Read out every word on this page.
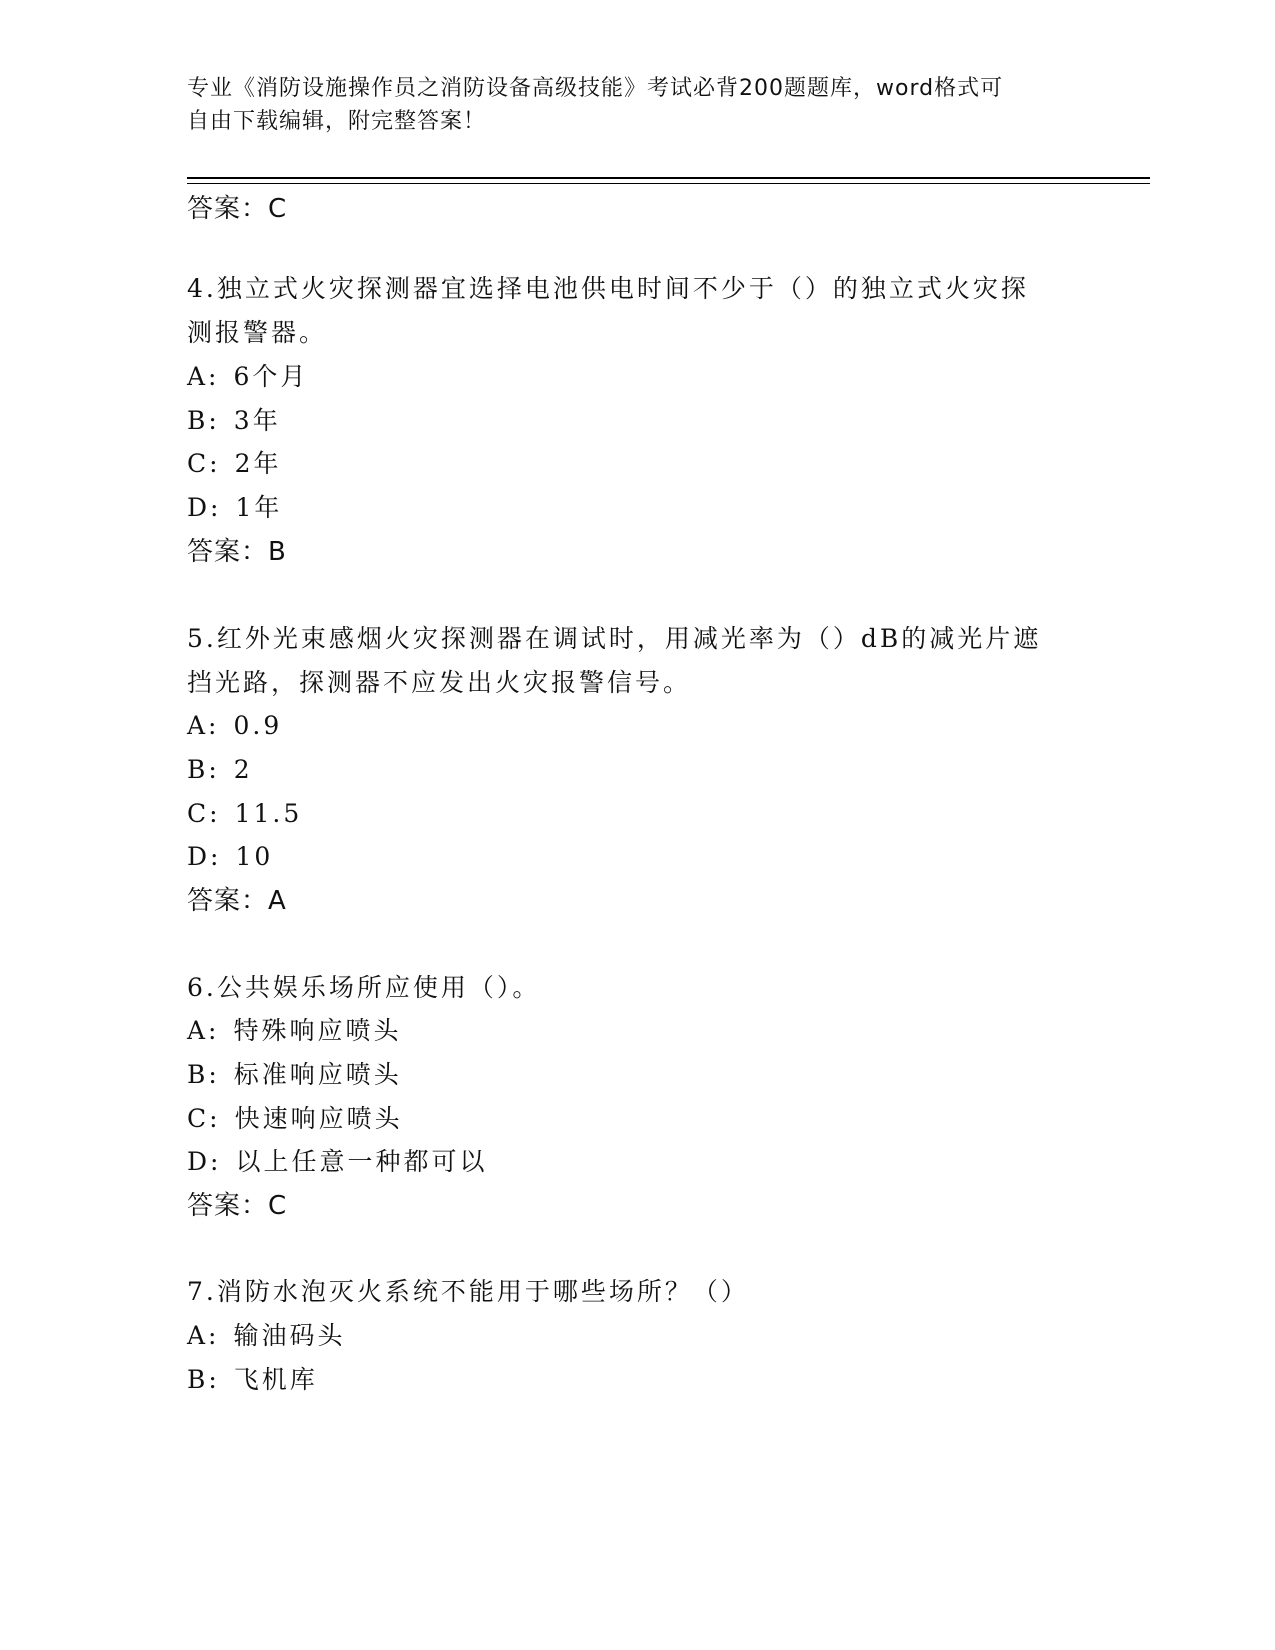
专业《消防设施操作员之消防设备高级技能》考试必背200题题库，word格式可
自由下载编辑，附完整答案！
答案：C
4.独立式火灾探测器宜选择电池供电时间不少于（）的独立式火灾探
测报警器。
A: 6个月
B: 3年
C: 2年
D: 1年
答案：B
5.红外光束感烟火灾探测器在调试时，用减光率为（）dB的减光片遮
挡光路，探测器不应发出火灾报警信号。
A: 0.9
B: 2
C: 11.5
D: 10
答案：A
6.公共娱乐场所应使用（）。
A: 特殊响应喷头
B: 标准响应喷头
C: 快速响应喷头
D: 以上任意一种都可以
答案：C
7.消防水泡灭火系统不能用于哪些场所？（）
A: 输油码头
B: 飞机库
